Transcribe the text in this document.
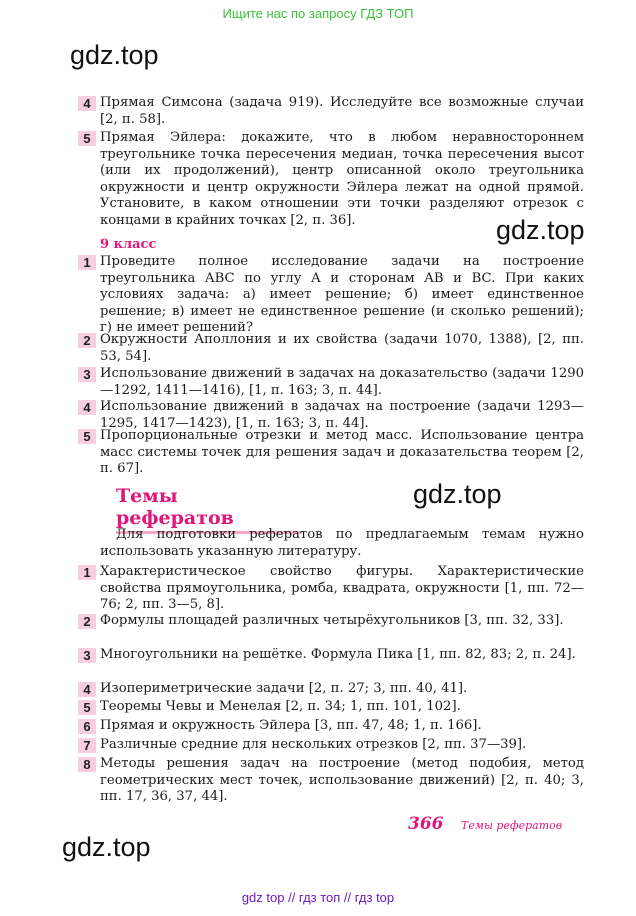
Ищите нас по запросу ГДЗ ТОП
gdz.top
gdz.top
gdz.top
gdz.top
4 Прямая Симсона (задача 919). Исследуйте все возможные случаи [2, п. 58].
5 Прямая Эйлера: докажите, что в любом неравностороннем треугольнике точка пересечения медиан, точка пересечения высот (или их продолжений), центр описанной около треугольника окружности и центр окружности Эйлера лежат на одной прямой. Установите, в каком отношении эти точки разделяют отрезок с концами в крайних точках [2, п. 36].
9 класс
1 Проведите полное исследование задачи на построение треугольника ABC по углу A и сторонам AB и BC. При каких условиях задача: а) имеет решение; б) имеет единственное решение; в) имеет не единственное решение (и сколько решений); г) не имеет решений?
2 Окружности Аполлония и их свойства (задачи 1070, 1388), [2, пп. 53, 54].
3 Использование движений в задачах на доказательство (задачи 1290—1292, 1411—1416), [1, п. 163; 3, п. 44].
4 Использование движений в задачах на построение (задачи 1293—1295, 1417—1423), [1, п. 163; 3, п. 44].
5 Пропорциональные отрезки и метод масс. Использование центра масс системы точек для решения задач и доказательства теорем [2, п. 67].
Темы рефератов
Для подготовки рефератов по предлагаемым темам нужно использовать указанную литературу.
1 Характеристическое свойство фигуры. Характеристические свойства прямоугольника, ромба, квадрата, окружности [1, пп. 72—76; 2, пп. 3—5, 8].
2 Формулы площадей различных четырёхугольников [3, пп. 32, 33].
3 Многоугольники на решётке. Формула Пика [1, пп. 82, 83; 2, п. 24].
4 Изопериметрические задачи [2, п. 27; 3, пп. 40, 41].
5 Теоремы Чевы и Менелая [2, п. 34; 1, пп. 101, 102].
6 Прямая и окружность Эйлера [3, пп. 47, 48; 1, п. 166].
7 Различные средние для нескольких отрезков [2, пп. 37—39].
8 Методы решения задач на построение (метод подобия, метод геометрических мест точек, использование движений) [2, п. 40; 3, пп. 17, 36, 37, 44].
366 Темы рефератов
gdz top // гдз топ // гдз top
